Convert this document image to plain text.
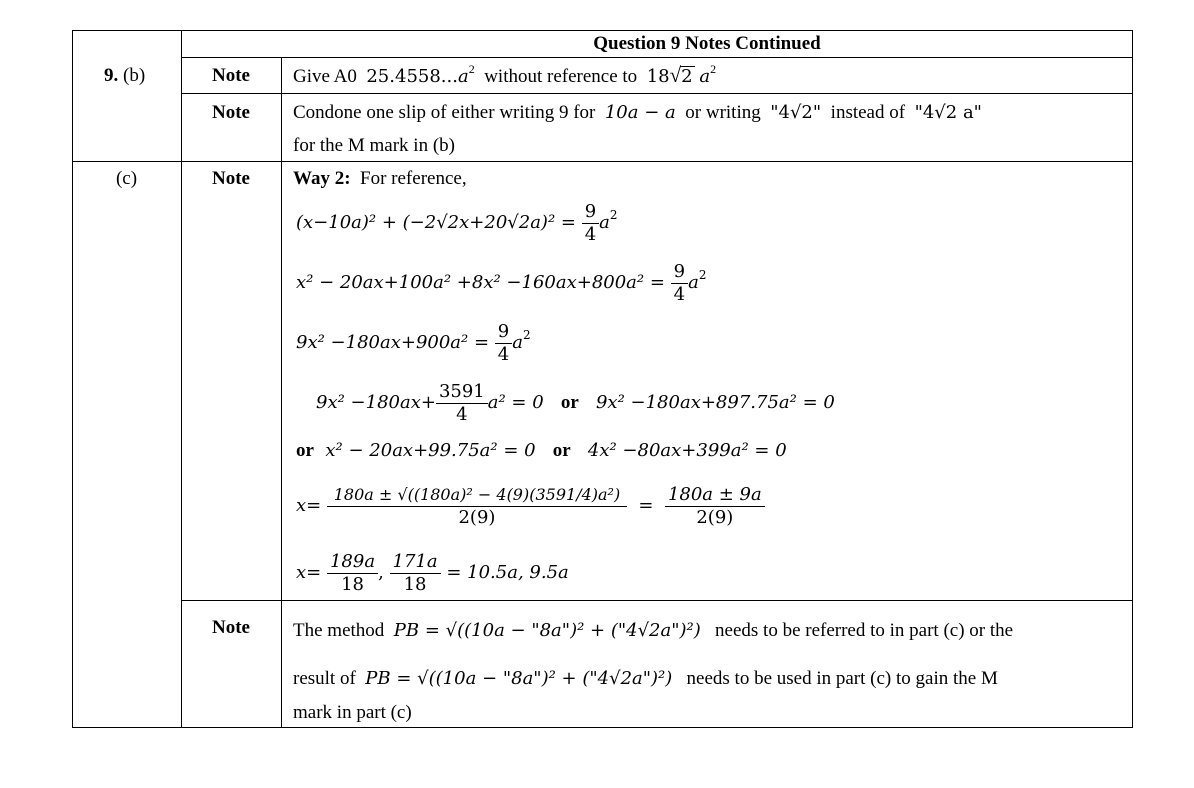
Question 9 Notes Continued
9. (b)
(c)
Note
Note
Note
Note
Give A0 $25.4558...a^2$ without reference to 18√2 $a^2$
Condone one slip of either writing 9 for 10a − a or writing "4√2" instead of "4√2 a"
for the M mark in (b)
Way 2: For reference,
$(x-10a)^2 + (-2√2x+20√2a)^2 = \frac{9}{4} a^2$
$x^2 - 20ax+100a^2 +8x^2 -160ax+800a^2 = \frac{9}{4} a^2$
$9x^2 -180ax+900a^2 = \frac{9}{4} a^2$
$9x^2 -180ax+ \frac{3591}{4} a^2 = 0$ or 9x² −180ax+897.75a² = 0
or x² − 20ax+99.75a² = 0 or 4x² −80ax+399a² = 0
$x= \frac{\text{180a ± √((180a)² − 4(9)(3591/4)a²)}}{2(9)} = \frac{180a \pm 9a}{2(9)}$
$x= \frac{189a}{18}$ , $\frac{171a}{18} = 10.5a$, 9.5a
The method PB = √((10a − "8a")² + ("4√2a")²) needs to be referred to in part (c) or the
result of PB = √((10a − "8a")² + ("4√2a")²) needs to be used in part (c) to gain the M
mark in part (c)
